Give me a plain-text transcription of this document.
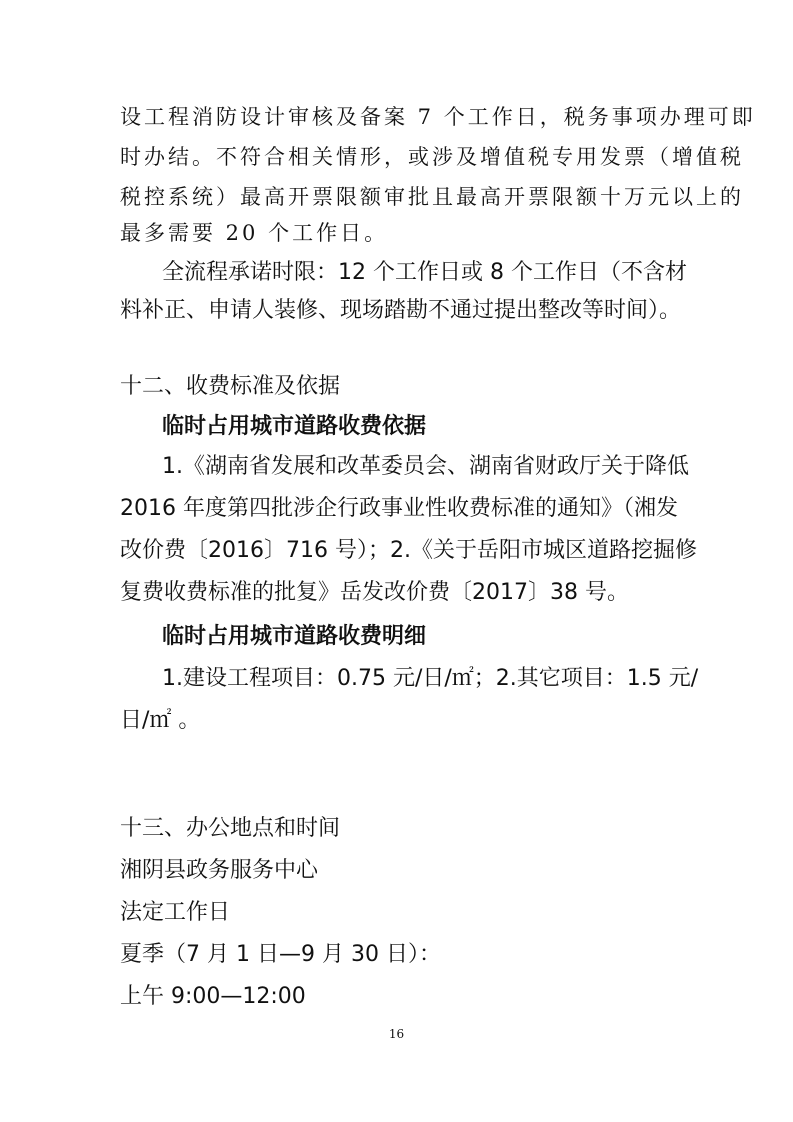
设工程消防设计审核及备案 7 个工作日，税务事项办理可即
时办结。不符合相关情形，或涉及增值税专用发票（增值税
税控系统）最高开票限额审批且最高开票限额十万元以上的
最多需要 20 个工作日。
全流程承诺时限：12 个工作日或 8 个工作日（不含材
料补正、申请人装修、现场踏勘不通过提出整改等时间）。
十二、收费标准及依据
临时占用城市道路收费依据
1.《湖南省发展和改革委员会、湖南省财政厅关于降低
2016 年度第四批涉企行政事业性收费标准的通知》（湘发
改价费〔2016〕716 号）；2.《关于岳阳市城区道路挖掘修
复费收费标准的批复》岳发改价费〔2017〕38 号。
临时占用城市道路收费明细
1.建设工程项目：0.75 元/日/㎡；2.其它项目：1.5 元/
日/㎡ 。
十三、办公地点和时间
湘阴县政务服务中心
法定工作日
夏季（7 月 1 日—9 月 30 日）：
上午 9:00—12:00
16
